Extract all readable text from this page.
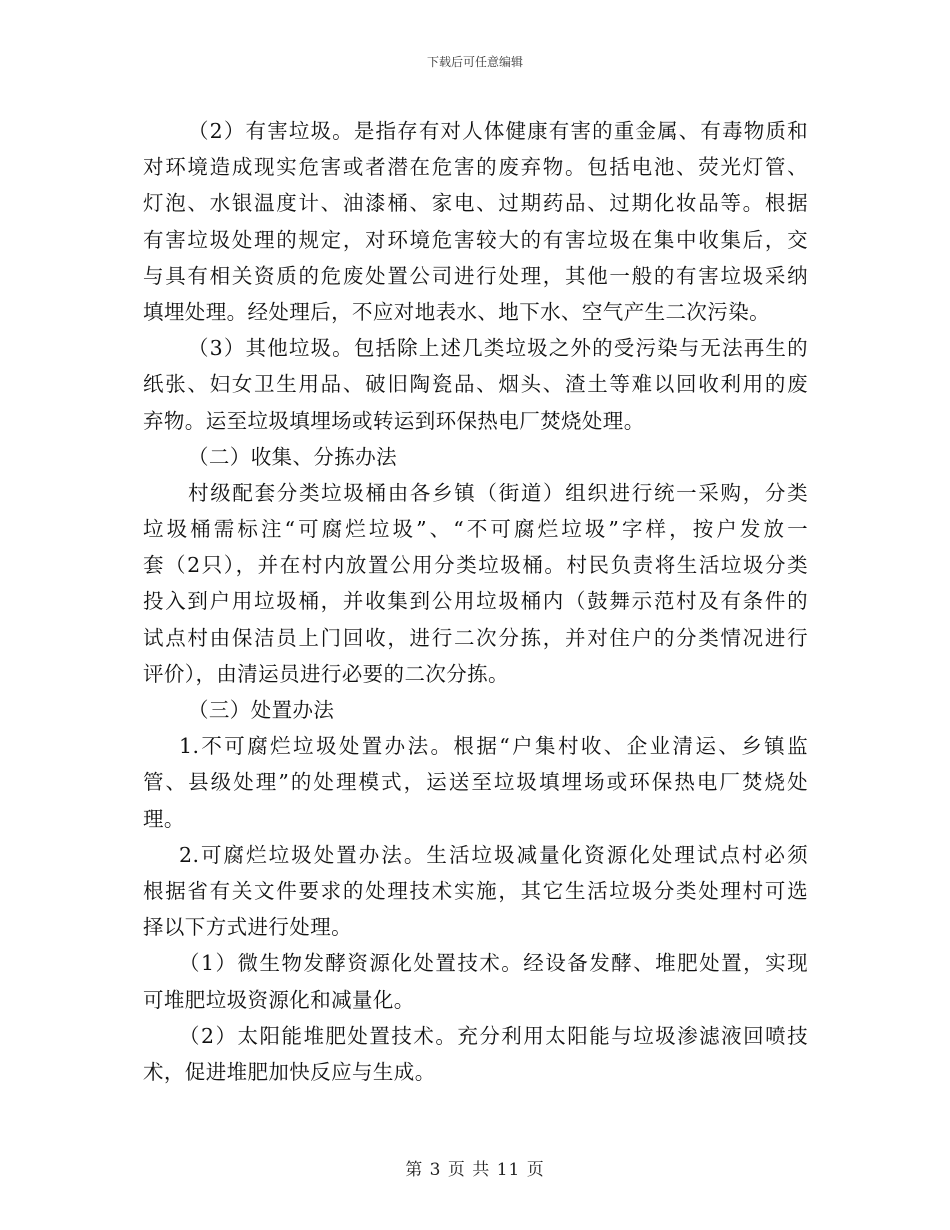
下载后可任意编辑
（2）有害垃圾。是指存有对人体健康有害的重金属、有毒物质和
对环境造成现实危害或者潜在危害的废弃物。包括电池、荧光灯管、
灯泡、水银温度计、油漆桶、家电、过期药品、过期化妆品等。根据
有害垃圾处理的规定，对环境危害较大的有害垃圾在集中收集后，交
与具有相关资质的危废处置公司进行处理，其他一般的有害垃圾采纳
填埋处理。经处理后，不应对地表水、地下水、空气产生二次污染。
（3）其他垃圾。包括除上述几类垃圾之外的受污染与无法再生的
纸张、妇女卫生用品、破旧陶瓷品、烟头、渣土等难以回收利用的废
弃物。运至垃圾填埋场或转运到环保热电厂焚烧处理。
（二）收集、分拣办法
村级配套分类垃圾桶由各乡镇（街道）组织进行统一采购，分类
垃圾桶需标注“可腐烂垃圾”、“不可腐烂垃圾”字样，按户发放一
套（2只），并在村内放置公用分类垃圾桶。村民负责将生活垃圾分类
投入到户用垃圾桶，并收集到公用垃圾桶内（鼓舞示范村及有条件的
试点村由保洁员上门回收，进行二次分拣，并对住户的分类情况进行
评价），由清运员进行必要的二次分拣。
（三）处置办法
1.不可腐烂垃圾处置办法。根据“户集村收、企业清运、乡镇监
管、县级处理”的处理模式，运送至垃圾填埋场或环保热电厂焚烧处
理。
2.可腐烂垃圾处置办法。生活垃圾减量化资源化处理试点村必须
根据省有关文件要求的处理技术实施，其它生活垃圾分类处理村可选
择以下方式进行处理。
（1）微生物发酵资源化处置技术。经设备发酵、堆肥处置，实现
可堆肥垃圾资源化和减量化。
（2）太阳能堆肥处置技术。充分利用太阳能与垃圾渗滤液回喷技
术，促进堆肥加快反应与生成。
第 3 页 共 11 页
